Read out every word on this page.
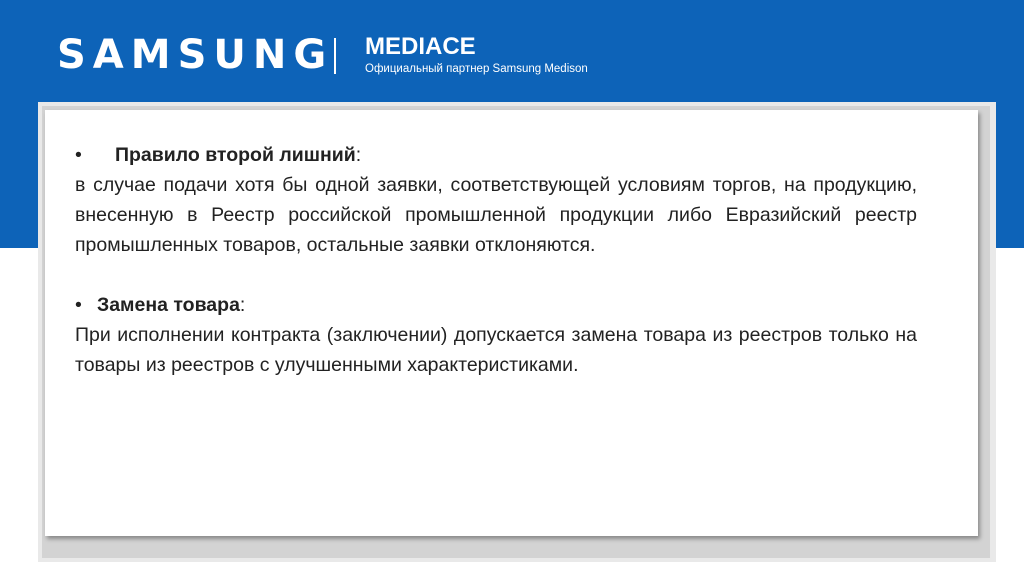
SAMSUNG MEDIACE
Официальный партнер Samsung Medison

• Правило второй лишний:

в случае подачи хотя бы одной заявки, соответствующей условиям торгов, на продукцию, внесенную в Реестр российской промышленной продукции либо Евразийский реестр промышленных товаров, остальные заявки отклоняются.

• Замена товара:

При исполнении контракта (заключении) допускается замена товара из реестров только на товары из реестров с улучшенными характеристиками.
